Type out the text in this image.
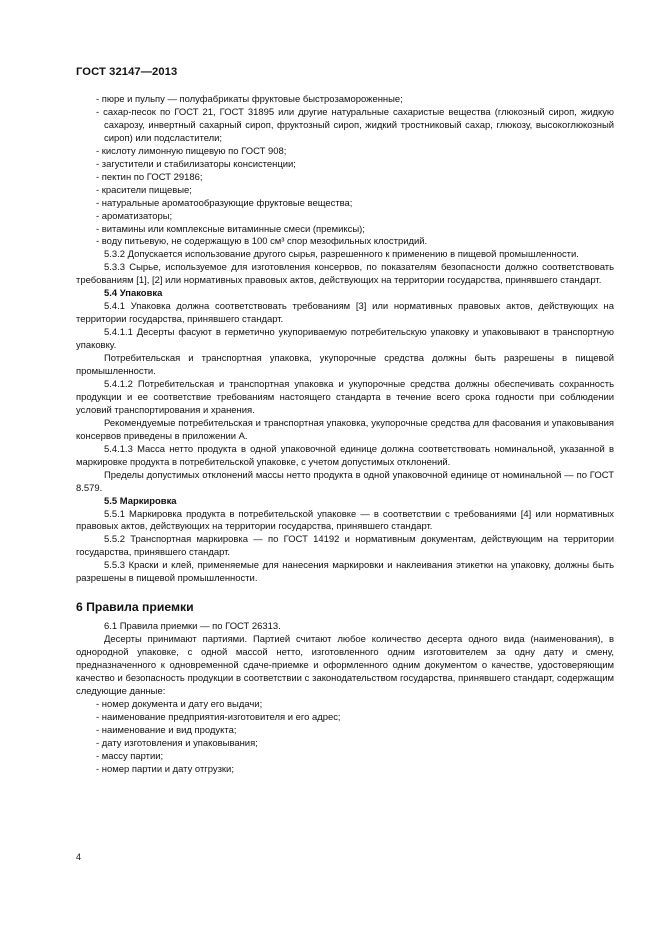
ГОСТ 32147—2013
- пюре и пульпу — полуфабрикаты фруктовые быстрозамороженные;
- сахар-песок по ГОСТ 21, ГОСТ 31895 или другие натуральные сахаристые вещества (глюкозный сироп, жидкую сахарозу, инвертный сахарный сироп, фруктозный сироп, жидкий тростниковый сахар, глюкозу, высокоглюкозный сироп) или подсластители;
- кислоту лимонную пищевую по ГОСТ 908;
- загустители и стабилизаторы консистенции;
- пектин по ГОСТ 29186;
- красители пищевые;
- натуральные ароматообразующие фруктовые вещества;
- ароматизаторы;
- витамины или комплексные витаминные смеси (премиксы);
- воду питьевую, не содержащую в 100 см³ спор мезофильных клостридий.
5.3.2 Допускается использование другого сырья, разрешенного к применению в пищевой промышленности.
5.3.3 Сырье, используемое для изготовления консервов, по показателям безопасности должно соответствовать требованиям [1], [2] или нормативных правовых актов, действующих на территории государства, принявшего стандарт.
5.4 Упаковка
5.4.1 Упаковка должна соответствовать требованиям [3] или нормативных правовых актов, действующих на территории государства, принявшего стандарт.
5.4.1.1 Десерты фасуют в герметично укупориваемую потребительскую упаковку и упаковывают в транспортную упаковку.
Потребительская и транспортная упаковка, укупорочные средства должны быть разрешены в пищевой промышленности.
5.4.1.2 Потребительская и транспортная упаковка и укупорочные средства должны обеспечивать сохранность продукции и ее соответствие требованиям настоящего стандарта в течение всего срока годности при соблюдении условий транспортирования и хранения.
Рекомендуемые потребительская и транспортная упаковка, укупорочные средства для фасования и упаковывания консервов приведены в приложении А.
5.4.1.3 Масса нетто продукта в одной упаковочной единице должна соответствовать номинальной, указанной в маркировке продукта в потребительской упаковке, с учетом допустимых отклонений.
Пределы допустимых отклонений массы нетто продукта в одной упаковочной единице от номинальной — по ГОСТ 8.579.
5.5 Маркировка
5.5.1 Маркировка продукта в потребительской упаковке — в соответствии с требованиями [4] или нормативных правовых актов, действующих на территории государства, принявшего стандарт.
5.5.2 Транспортная маркировка — по ГОСТ 14192 и нормативным документам, действующим на территории государства, принявшего стандарт.
5.5.3 Краски и клей, применяемые для нанесения маркировки и наклеивания этикетки на упаковку, должны быть разрешены в пищевой промышленности.
6 Правила приемки
6.1 Правила приемки — по ГОСТ 26313.
Десерты принимают партиями. Партией считают любое количество десерта одного вида (наименования), в однородной упаковке, с одной массой нетто, изготовленного одним изготовителем за одну дату и смену, предназначенного к одновременной сдаче-приемке и оформленного одним документом о качестве, удостоверяющим качество и безопасность продукции в соответствии с законодательством государства, принявшего стандарт, содержащим следующие данные:
- номер документа и дату его выдачи;
- наименование предприятия-изготовителя и его адрес;
- наименование и вид продукта;
- дату изготовления и упаковывания;
- массу партии;
- номер партии и дату отгрузки;
4
